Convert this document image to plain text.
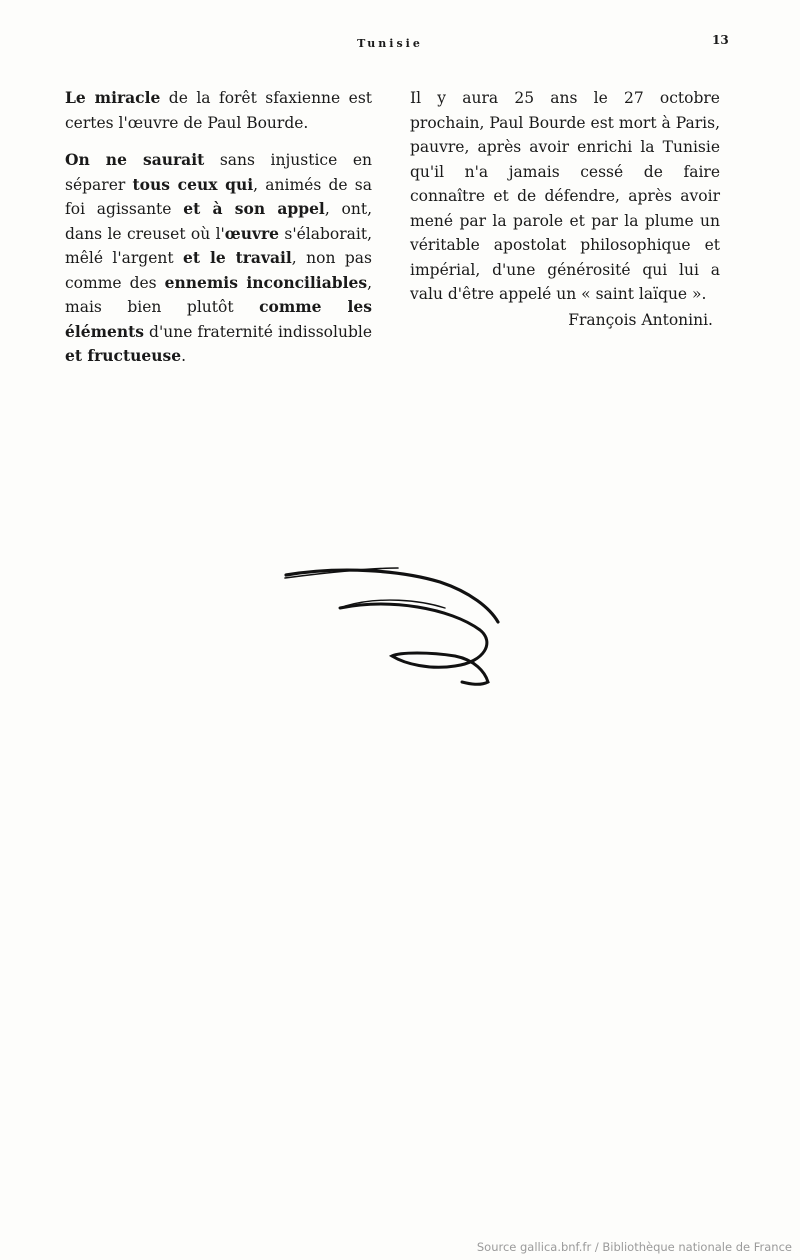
Tunisie	13

Le miracle de la forêt sfaxienne est certes l'œuvre de Paul Bourde.

On ne saurait sans injustice en séparer tous ceux qui, animés de sa foi agissante et à son appel, ont, dans le creuset où l'œuvre s'élaborait, mêlé l'argent et le travail, non pas comme des ennemis inconciliables, mais bien plutôt comme les éléments d'une fraternité indissoluble et fructueuse.

Il y aura 25 ans le 27 octobre prochain, Paul Bourde est mort à Paris, pauvre, après avoir enrichi la Tunisie qu'il n'a jamais cessé de faire connaître et de défendre, après avoir mené par la parole et par la plume un véritable apostolat philosophique et impérial, d'une générosité qui lui a valu d'être appelé un « saint laïque ».

François Antonini.
Source gallica.bnf.fr / Bibliothèque nationale de France
